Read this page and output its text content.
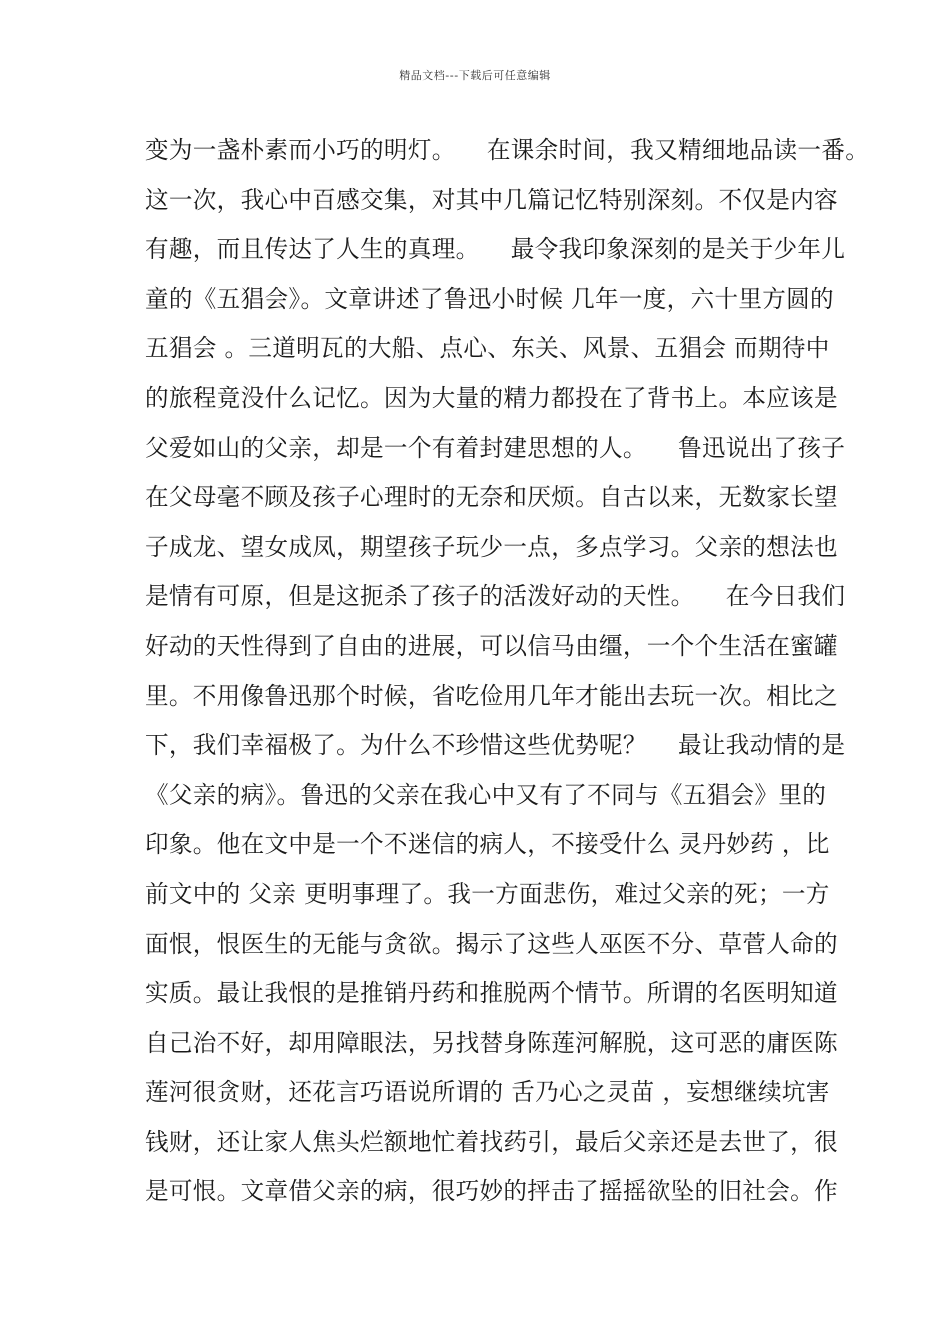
精品文档---下载后可任意编辑
变为一盏朴素而小巧的明灯。    在课余时间，我又精细地品读一番。
这一次，我心中百感交集，对其中几篇记忆特别深刻。不仅是内容
有趣，而且传达了人生的真理。    最令我印象深刻的是关于少年儿
童的《五猖会》。文章讲述了鲁迅小时候 几年一度，六十里方圆的
五猖会 。三道明瓦的大船、点心、东关、风景、五猖会 而期待中
的旅程竟没什么记忆。因为大量的精力都投在了背书上。本应该是
父爱如山的父亲，却是一个有着封建思想的人。    鲁迅说出了孩子
在父母毫不顾及孩子心理时的无奈和厌烦。自古以来，无数家长望
子成龙、望女成凤，期望孩子玩少一点，多点学习。父亲的想法也
是情有可原，但是这扼杀了孩子的活泼好动的天性。    在今日我们
好动的天性得到了自由的进展，可以信马由缰，一个个生活在蜜罐
里。不用像鲁迅那个时候，省吃俭用几年才能出去玩一次。相比之
下，我们幸福极了。为什么不珍惜这些优势呢？    最让我动情的是
《父亲的病》。鲁迅的父亲在我心中又有了不同与《五猖会》里的
印象。他在文中是一个不迷信的病人，不接受什么 灵丹妙药 ，比
前文中的 父亲 更明事理了。我一方面悲伤，难过父亲的死；一方
面恨，恨医生的无能与贪欲。揭示了这些人巫医不分、草菅人命的
实质。最让我恨的是推销丹药和推脱两个情节。所谓的名医明知道
自己治不好，却用障眼法，另找替身陈莲河解脱，这可恶的庸医陈
莲河很贪财，还花言巧语说所谓的 舌乃心之灵苗 ，妄想继续坑害
钱财，还让家人焦头烂额地忙着找药引，最后父亲还是去世了，很
是可恨。文章借父亲的病，很巧妙的抨击了摇摇欲坠的旧社会。作
